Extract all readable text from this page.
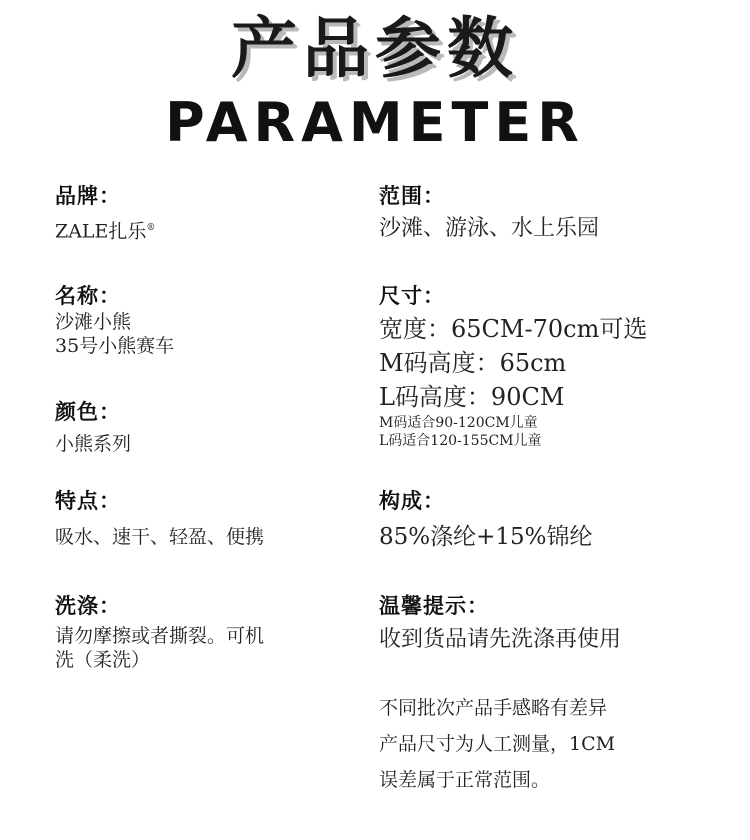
产品参数
PARAMETER
品牌：
ZALE扎乐®
名称：
沙滩小熊
35号小熊赛车
颜色：
小熊系列
特点：
吸水、速干、轻盈、便携
洗涤：
请勿摩擦或者撕裂。可机
洗（柔洗）
范围：
沙滩、游泳、水上乐园
尺寸：
宽度：65CM-70cm可选
M码高度：65cm
L码高度：90CM
M码适合90-120CM儿童
L码适合120-155CM儿童
构成：
85%涤纶+15%锦纶
温馨提示：
收到货品请先洗涤再使用
不同批次产品手感略有差异
产品尺寸为人工测量，1CM
误差属于正常范围。
